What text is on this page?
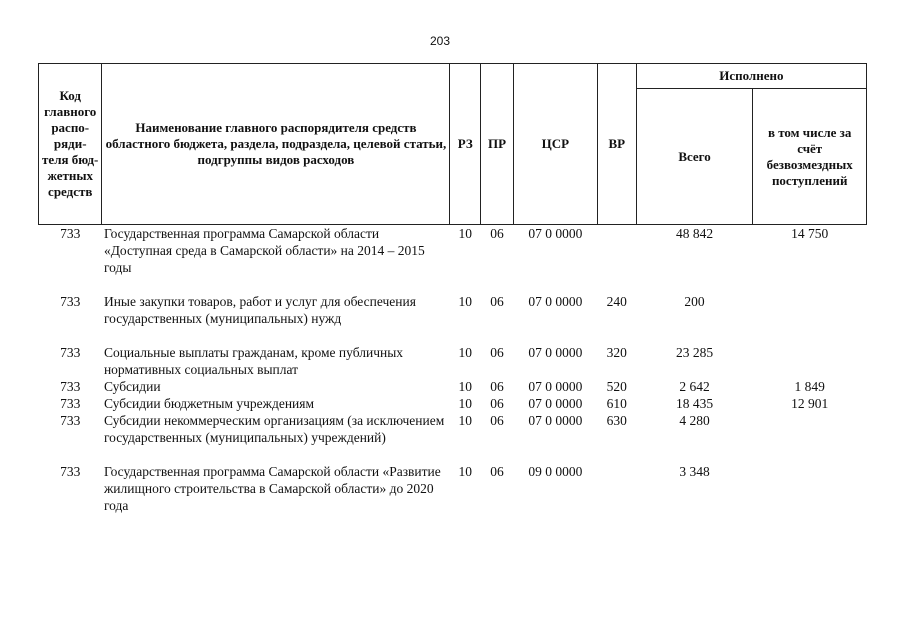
203
Код главного распо-ряди-теля бюд-жетных средств	Наименование главного распорядителя средств областного бюджета, раздела, подраздела, целевой статьи, подгруппы видов расходов	РЗ	ПР	ЦСР	ВР	Исполнено	
						Всего	в том числе за счёт безвозмездных поступлений
733	Государственная программа Самарской области «Доступная среда в Самарской области» на 2014 – 2015 годы	10	06	07 0 0000		48 842	14 750
733	Иные закупки товаров, работ и услуг для обеспечения государственных (муниципальных) нужд	10	06	07 0 0000	240	200	
733	Социальные выплаты гражданам, кроме публичных нормативных социальных выплат	10	06	07 0 0000	320	23 285	
733	Субсидии	10	06	07 0 0000	520	2 642	1 849
733	Субсидии бюджетным учреждениям	10	06	07 0 0000	610	18 435	12 901
733	Субсидии некоммерческим организациям (за исключением государственных (муниципальных) учреждений)	10	06	07 0 0000	630	4 280	
733	Государственная программа Самарской области «Развитие жилищного строительства в Самарской области» до 2020 года	10	06	09 0 0000		3 348	
